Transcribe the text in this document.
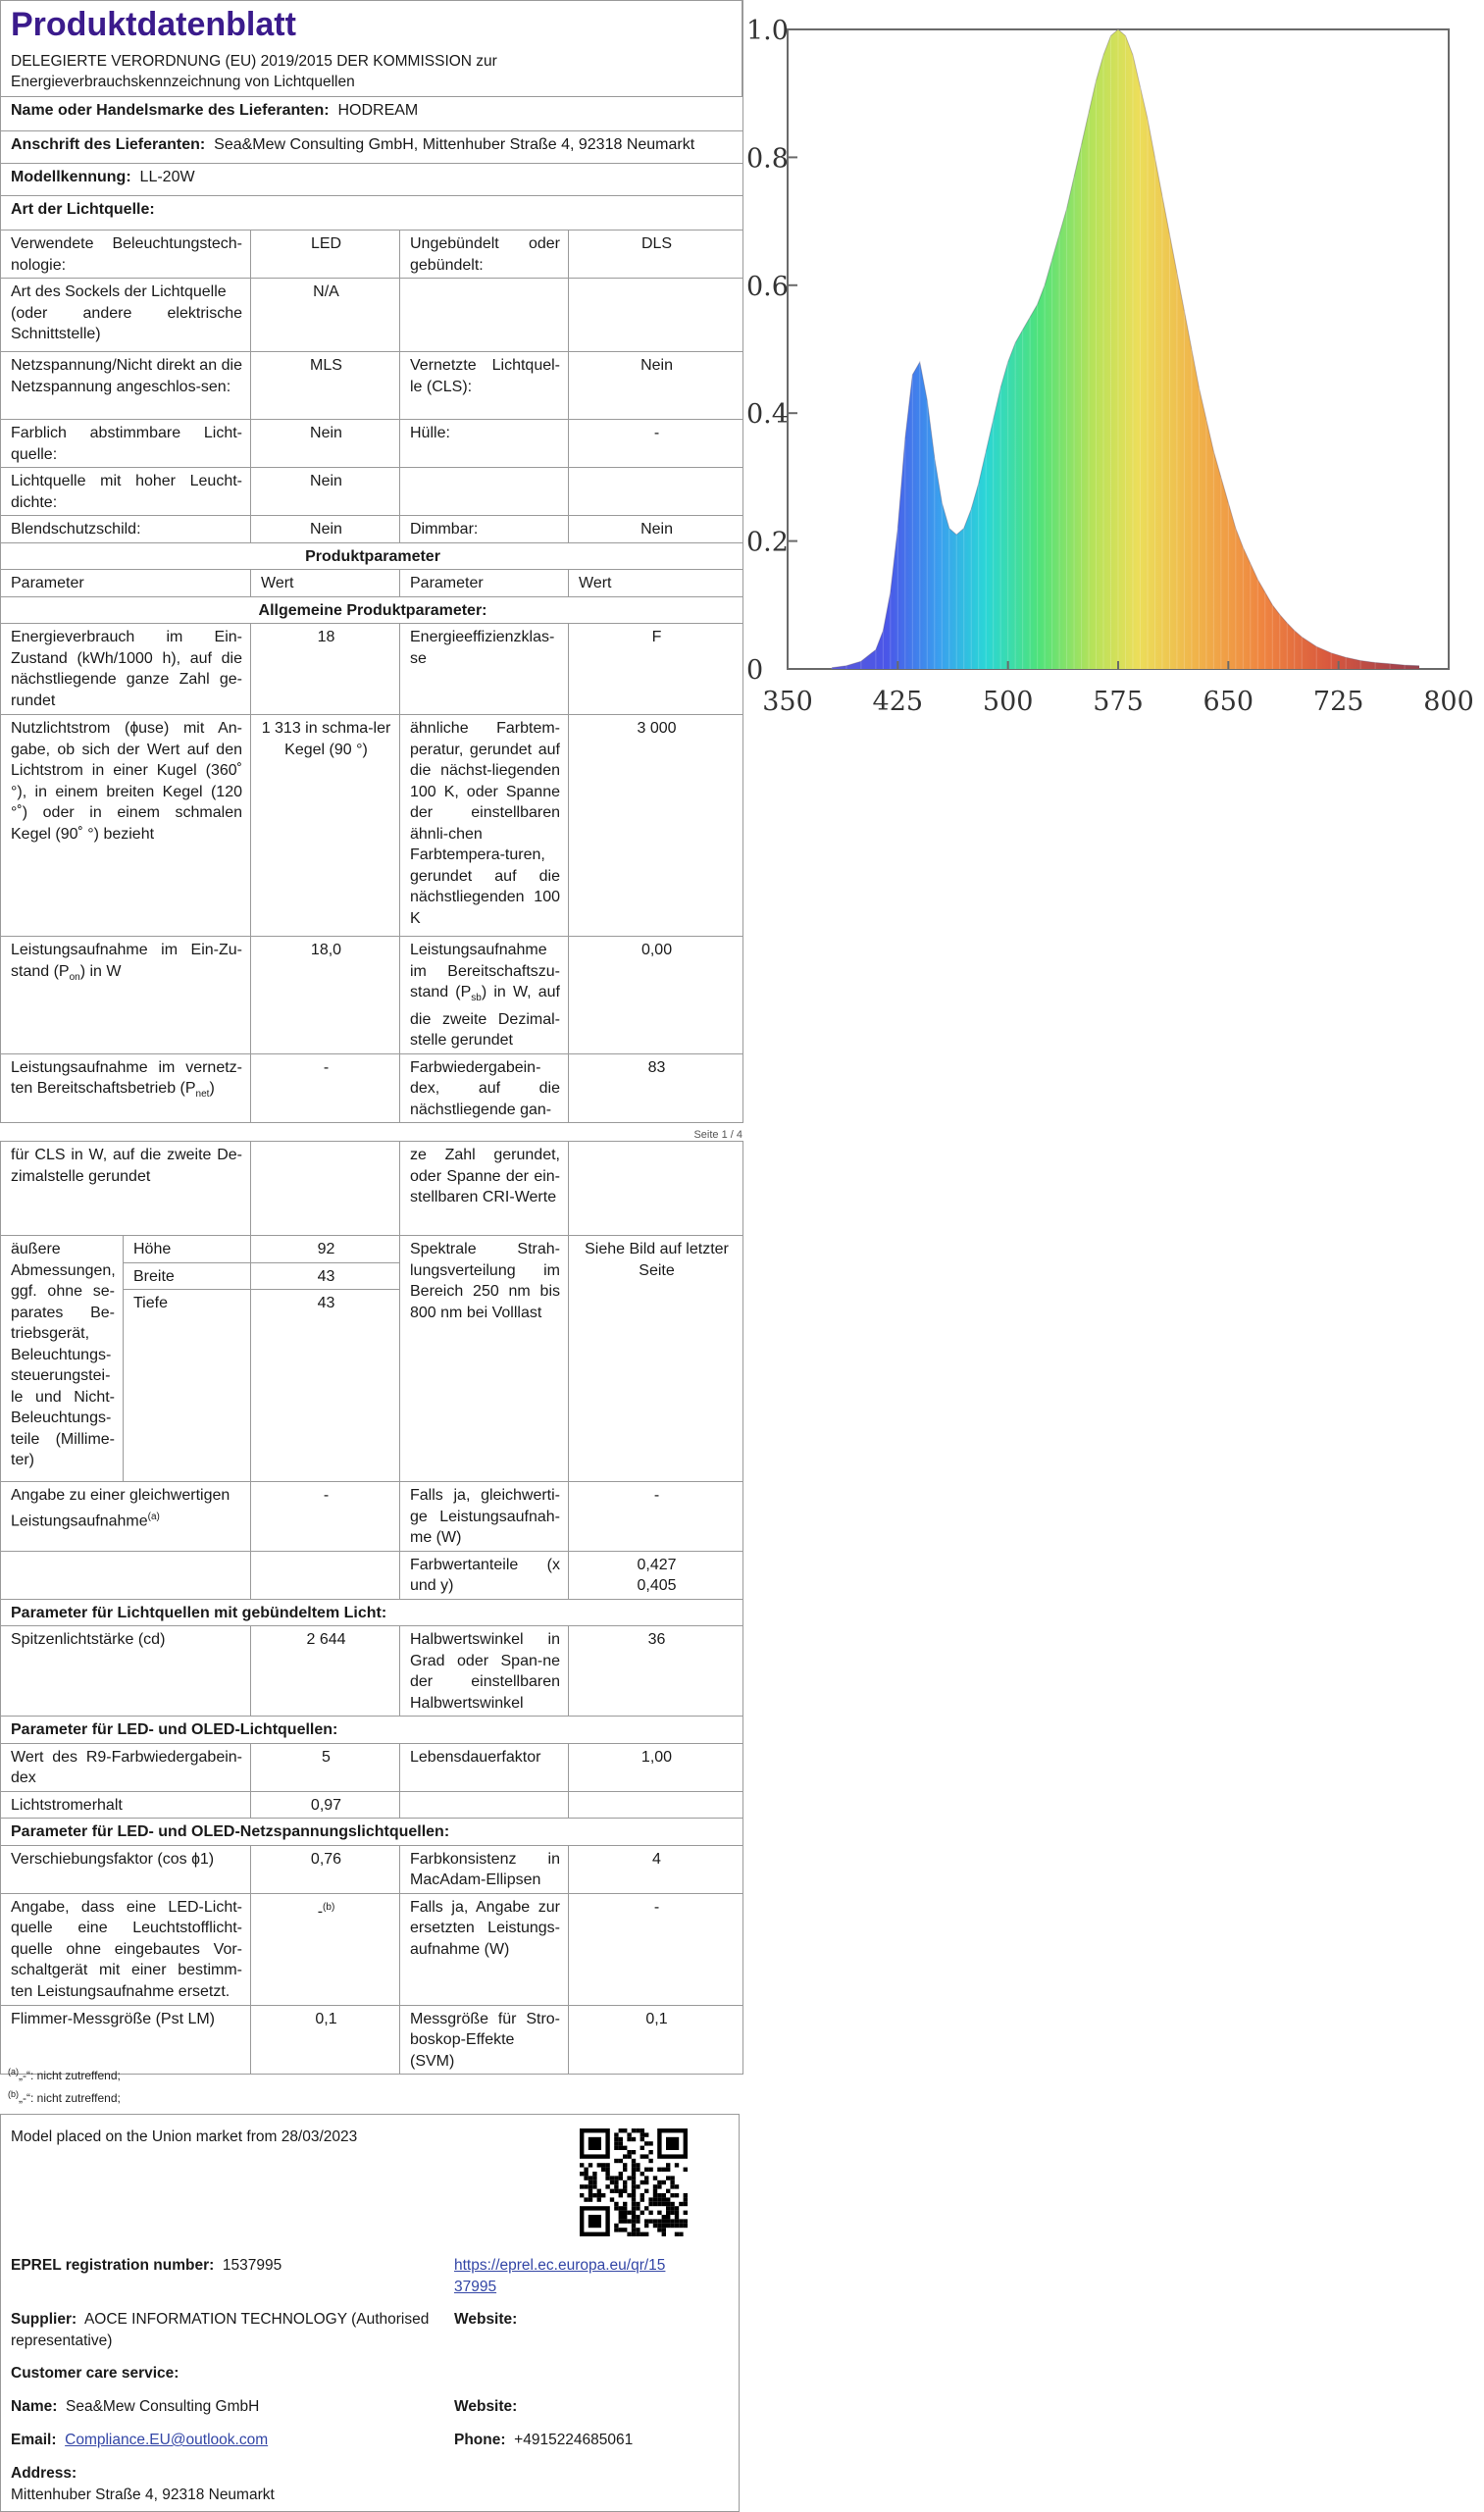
Produktdatenblatt
DELEGIERTE VERORDNUNG (EU) 2019/2015 DER KOMMISSION zur
Energieverbrauchskennzeichnung von Lichtquellen
Name oder Handelsmarke des Lieferanten: HODREAM			
Anschrift des Lieferanten: Sea&Mew Consulting GmbH, Mittenhuber Straße 4, 92318 Neumarkt			
Modellkennung: LL-20W			
Art der Lichtquelle:			
Verwendete Beleuchtungstech-nologie:	LED	Ungebündelt oder gebündelt:	DLS
Art des Sockels der Lichtquelle
(oder andere elektrische Schnittstelle)	N/A		
Netzspannung/Nicht direkt an die Netzspannung angeschlos-sen:	MLS	Vernetzte Lichtquel-le (CLS):	Nein
Farblich abstimmbare Licht-quelle:	Nein	Hülle:	-
Lichtquelle mit hoher Leucht-dichte:	Nein		
Blendschutzschild:	Nein	Dimmbar:	Nein
Produktparameter			
Parameter	Wert	Parameter	Wert
Allgemeine Produktparameter:			
Energieverbrauch im Ein-Zustand (kWh/1000 h), auf die nächstliegende ganze Zahl ge-rundet	18	Energieeffizienzklas-se	F
Nutzlichtstrom (ɸuse) mit An-gabe, ob sich der Wert auf den Lichtstrom in einer Kugel (360˚ °), in einem breiten Kegel (120 °˚) oder in einem schmalen Kegel (90˚ °) bezieht	1 313 in schma-ler Kegel (90 °)	ähnliche Farbtem-peratur, gerundet auf die nächst-liegenden 100 K, oder Spanne der einstellbaren ähnli-chen Farbtempera-turen, gerundet auf die nächstliegenden 100 K	3 000
Leistungsaufnahme im Ein-Zu-stand $(P_{on})$ in W	18,0	Leistungsaufnahme im Bereitschaftszu-stand $(P_{sb})$ in W, auf die zweite Dezimal-stelle gerundet	0,00
Leistungsaufnahme im vernetz-ten Bereitschaftsbetrieb $(P_{net})$	-	Farbwiedergabein-dex, auf die nächstliegende gan-	83
Seite 1 / 4
für CLS in W, auf die zweite De-zimalstelle gerundet			ze Zahl gerundet, oder Spanne der ein-stellbaren CRI-Werte	
äußere Abmessungen, ggf. ohne se-parates Be-triebsgerät, Beleuchtungs-steuerungstei-le und Nicht-Beleuchtungs-teile (Millime-ter)	Höhe	92	Spektrale Strah-lungsverteilung im Bereich 250 nm bis 800 nm bei Volllast	Siehe Bild auf letzter Seite
	Breite	43		
	Tiefe	43		
Angabe zu einer gleichwertigen Leistungsaufnahme$^{(a)}$		-	Falls ja, gleichwerti-ge Leistungsaufnah-me (W)	-
			Farbwertanteile (x und y)	0,427
0,405
Parameter für Lichtquellen mit gebündeltem Licht:				
Spitzenlichtstärke (cd)		2 644	Halbwertswinkel in Grad oder Span-ne der einstellbaren Halbwertswinkel	36
Parameter für LED- und OLED-Lichtquellen:				
Wert des R9-Farbwiedergabein-dex		5	Lebensdauerfaktor	1,00
Lichtstromerhalt		0,97		
Parameter für LED- und OLED-Netzspannungslichtquellen:				
Verschiebungsfaktor (cos ɸ1)		0,76	Farbkonsistenz in MacAdam-Ellipsen	4
Angabe, dass eine LED-Licht-quelle eine Leuchtstofflicht-quelle ohne eingebautes Vor-schaltgerät mit einer bestimm-ten Leistungsaufnahme ersetzt.		-$^{(b)}$	Falls ja, Angabe zur ersetzten Leistungs-aufnahme (W)	-
Flimmer-Messgröße (Pst LM)		0,1	Messgröße für Stro-boskop-Effekte (SVM)	0,1
$^{(a)}$„-“: nicht zutreffend;
$^{(b)}$„-“: nicht zutreffend;
Model placed on the Union market from 28/03/2023
EPREL registration number: 1537995	https://eprel.ec.europa.eu/qr/15
37995
Supplier: AOCE INFORMATION TECHNOLOGY (Authorised
representative)
Website:
Customer care service:
Name: Sea&Mew Consulting GmbH	Website:
Email: Compliance.EU@outlook.com	Phone: +4915224685061
Address:
Mittenhuber Straße 4, 92318 Neumarkt
0
0.2
0.4
0.6
0.8
1.0
350 425 500 575 650 725 800
